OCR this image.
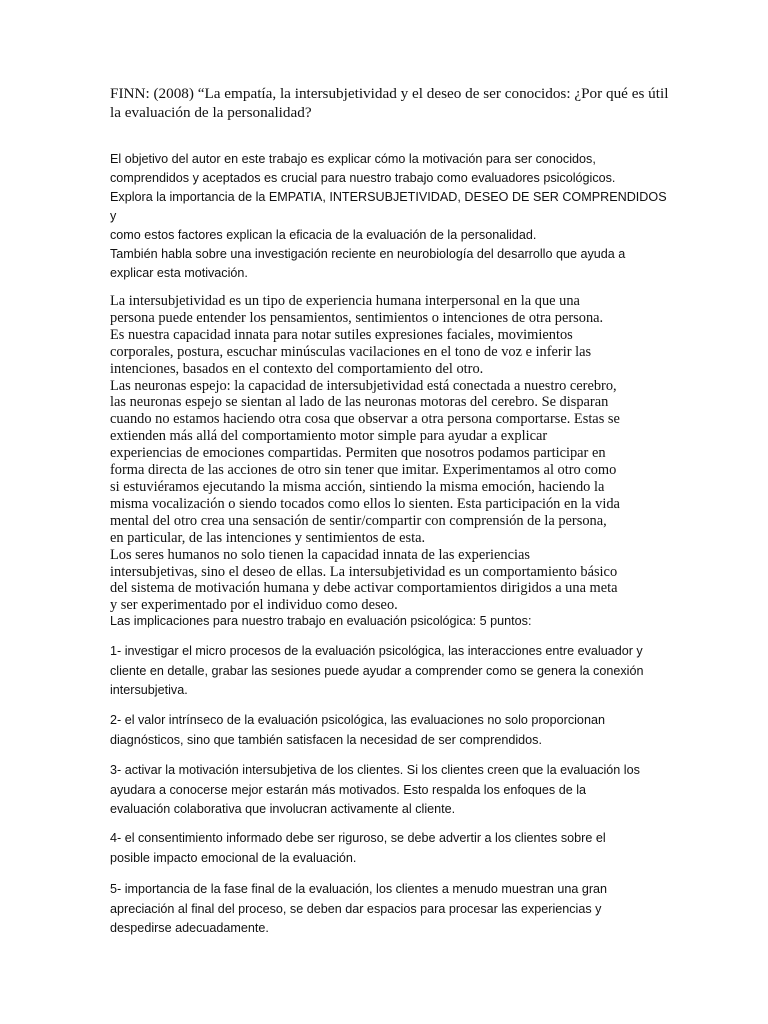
FINN: (2008) “La empatía, la intersubjetividad y el deseo de ser conocidos: ¿Por qué es útil la evaluación de la personalidad?
El objetivo del autor en este trabajo es explicar cómo la motivación para ser conocidos,
comprendidos y aceptados es crucial para nuestro trabajo como evaluadores psicológicos.
Explora la importancia de la EMPATIA, INTERSUBJETIVIDAD, DESEO DE SER COMPRENDIDOS y
como estos factores explican la eficacia de la evaluación de la personalidad.
También habla sobre una investigación reciente en neurobiología del desarrollo que ayuda a
explicar esta motivación.
La intersubjetividad es un tipo de experiencia humana interpersonal en la que una
persona puede entender los pensamientos, sentimientos o intenciones de otra persona.
Es nuestra capacidad innata para notar sutiles expresiones faciales, movimientos
corporales, postura, escuchar minúsculas vacilaciones en el tono de voz e inferir las
intenciones, basados en el contexto del comportamiento del otro.
Las neuronas espejo: la capacidad de intersubjetividad está conectada a nuestro cerebro,
las neuronas espejo se sientan al lado de las neuronas motoras del cerebro. Se disparan
cuando no estamos haciendo otra cosa que observar a otra persona comportarse. Estas se
extienden más allá del comportamiento motor simple para ayudar a explicar
experiencias de emociones compartidas. Permiten que nosotros podamos participar en
forma directa de las acciones de otro sin tener que imitar. Experimentamos al otro como
si estuviéramos ejecutando la misma acción, sintiendo la misma emoción, haciendo la
misma vocalización o siendo tocados como ellos lo sienten. Esta participación en la vida
mental del otro crea una sensación de sentir/compartir con comprensión de la persona,
en particular, de las intenciones y sentimientos de esta.
Los seres humanos no solo tienen la capacidad innata de las experiencias
intersubjetivas, sino el deseo de ellas. La intersubjetividad es un comportamiento básico
del sistema de motivación humana y debe activar comportamientos dirigidos a una meta
y ser experimentado por el individuo como deseo.
Las implicaciones para nuestro trabajo en evaluación psicológica: 5 puntos:
1- investigar el micro procesos de la evaluación psicológica, las interacciones entre evaluador y
cliente en detalle, grabar las sesiones puede ayudar a comprender como se genera la conexión
intersubjetiva.
2- el valor intrínseco de la evaluación psicológica, las evaluaciones no solo proporcionan
diagnósticos, sino que también satisfacen la necesidad de ser comprendidos.
3- activar la motivación intersubjetiva de los clientes. Si los clientes creen que la evaluación los
ayudara a conocerse mejor estarán más motivados. Esto respalda los enfoques de la
evaluación colaborativa que involucran activamente al cliente.
4- el consentimiento informado debe ser riguroso, se debe advertir a los clientes sobre el
posible impacto emocional de la evaluación.
5- importancia de la fase final de la evaluación, los clientes a menudo muestran una gran
apreciación al final del proceso, se deben dar espacios para procesar las experiencias y
despedirse adecuadamente.
